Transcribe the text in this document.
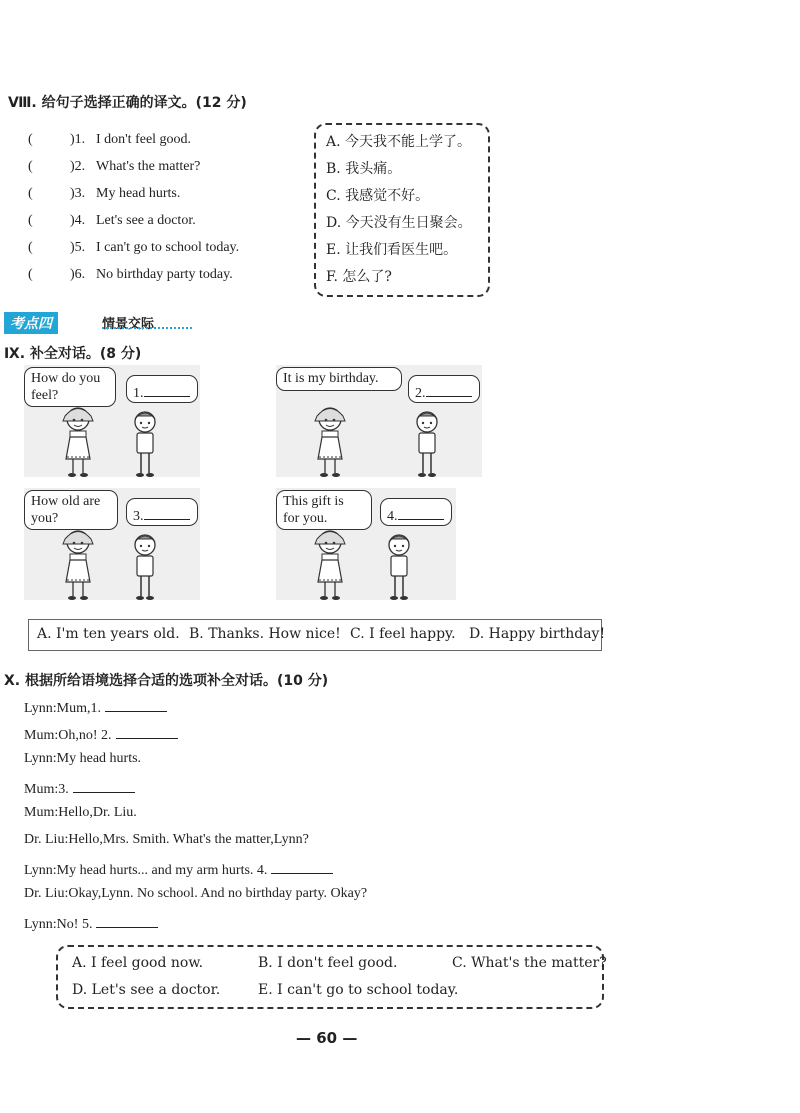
Ⅷ. 给句子选择正确的译文。(12 分)
(	)1. I don't feel good.
(	)2. What's the matter?
(	)3. My head hurts.
(	)4. Let's see a doctor.
(	)5. I can't go to school today.
(	)6. No birthday party today.
A. 今天我不能上学了。
B. 我头痛。
C. 我感觉不好。
D. 今天没有生日聚会。
E. 让我们看医生吧。
F. 怎么了?
考点四	情景交际
Ⅸ. 补全对话。(8 分)
How do you
feel?	1.
It is my birthday.
2.
How old are
you?	3.
This gift is
for you.	4.
A. I'm ten years old. B. Thanks. How nice! C. I feel happy. D. Happy birthday!
Ⅹ. 根据所给语境选择合适的选项补全对话。(10 分)
Lynn:Mum,1.
Mum:Oh,no! 2.
Lynn:My head hurts.
Mum:3.
Mum:Hello,Dr. Liu.
Dr. Liu:Hello,Mrs. Smith. What's the matter,Lynn?
Lynn:My head hurts... and my arm hurts. 4.
Dr. Liu:Okay,Lynn. No school. And no birthday party. Okay?
Lynn:No! 5.
A. I feel good now.	B. I don't feel good.	C. What's the matter?
D. Let's see a doctor.	E. I can't go to school today.
— 60 —
